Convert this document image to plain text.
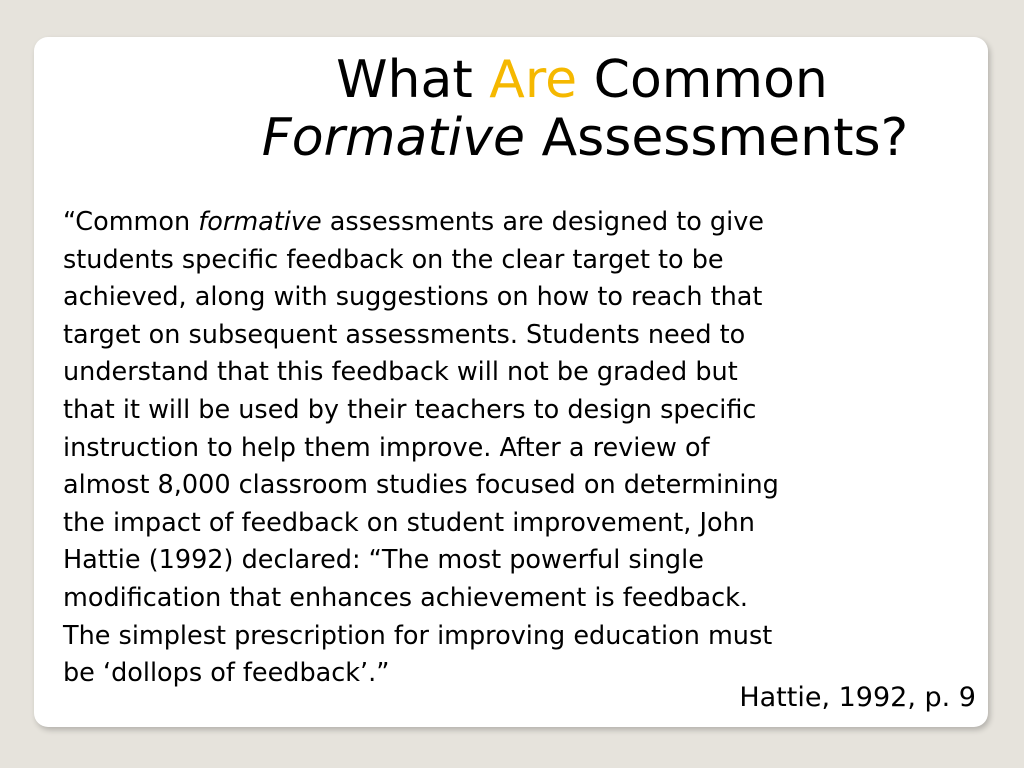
What Are Common
Formative Assessments?
“Common formative assessments are designed to give
students specific feedback on the clear target to be
achieved, along with suggestions on how to reach that
target on subsequent assessments. Students need to
understand that this feedback will not be graded but
that it will be used by their teachers to design specific
instruction to help them improve. After a review of
almost 8,000 classroom studies focused on determining
the impact of feedback on student improvement, John
Hattie (1992) declared: “The most powerful single
modification that enhances achievement is feedback.
The simplest prescription for improving education must
be ‘dollops of feedback’.”
Hattie, 1992, p. 9
